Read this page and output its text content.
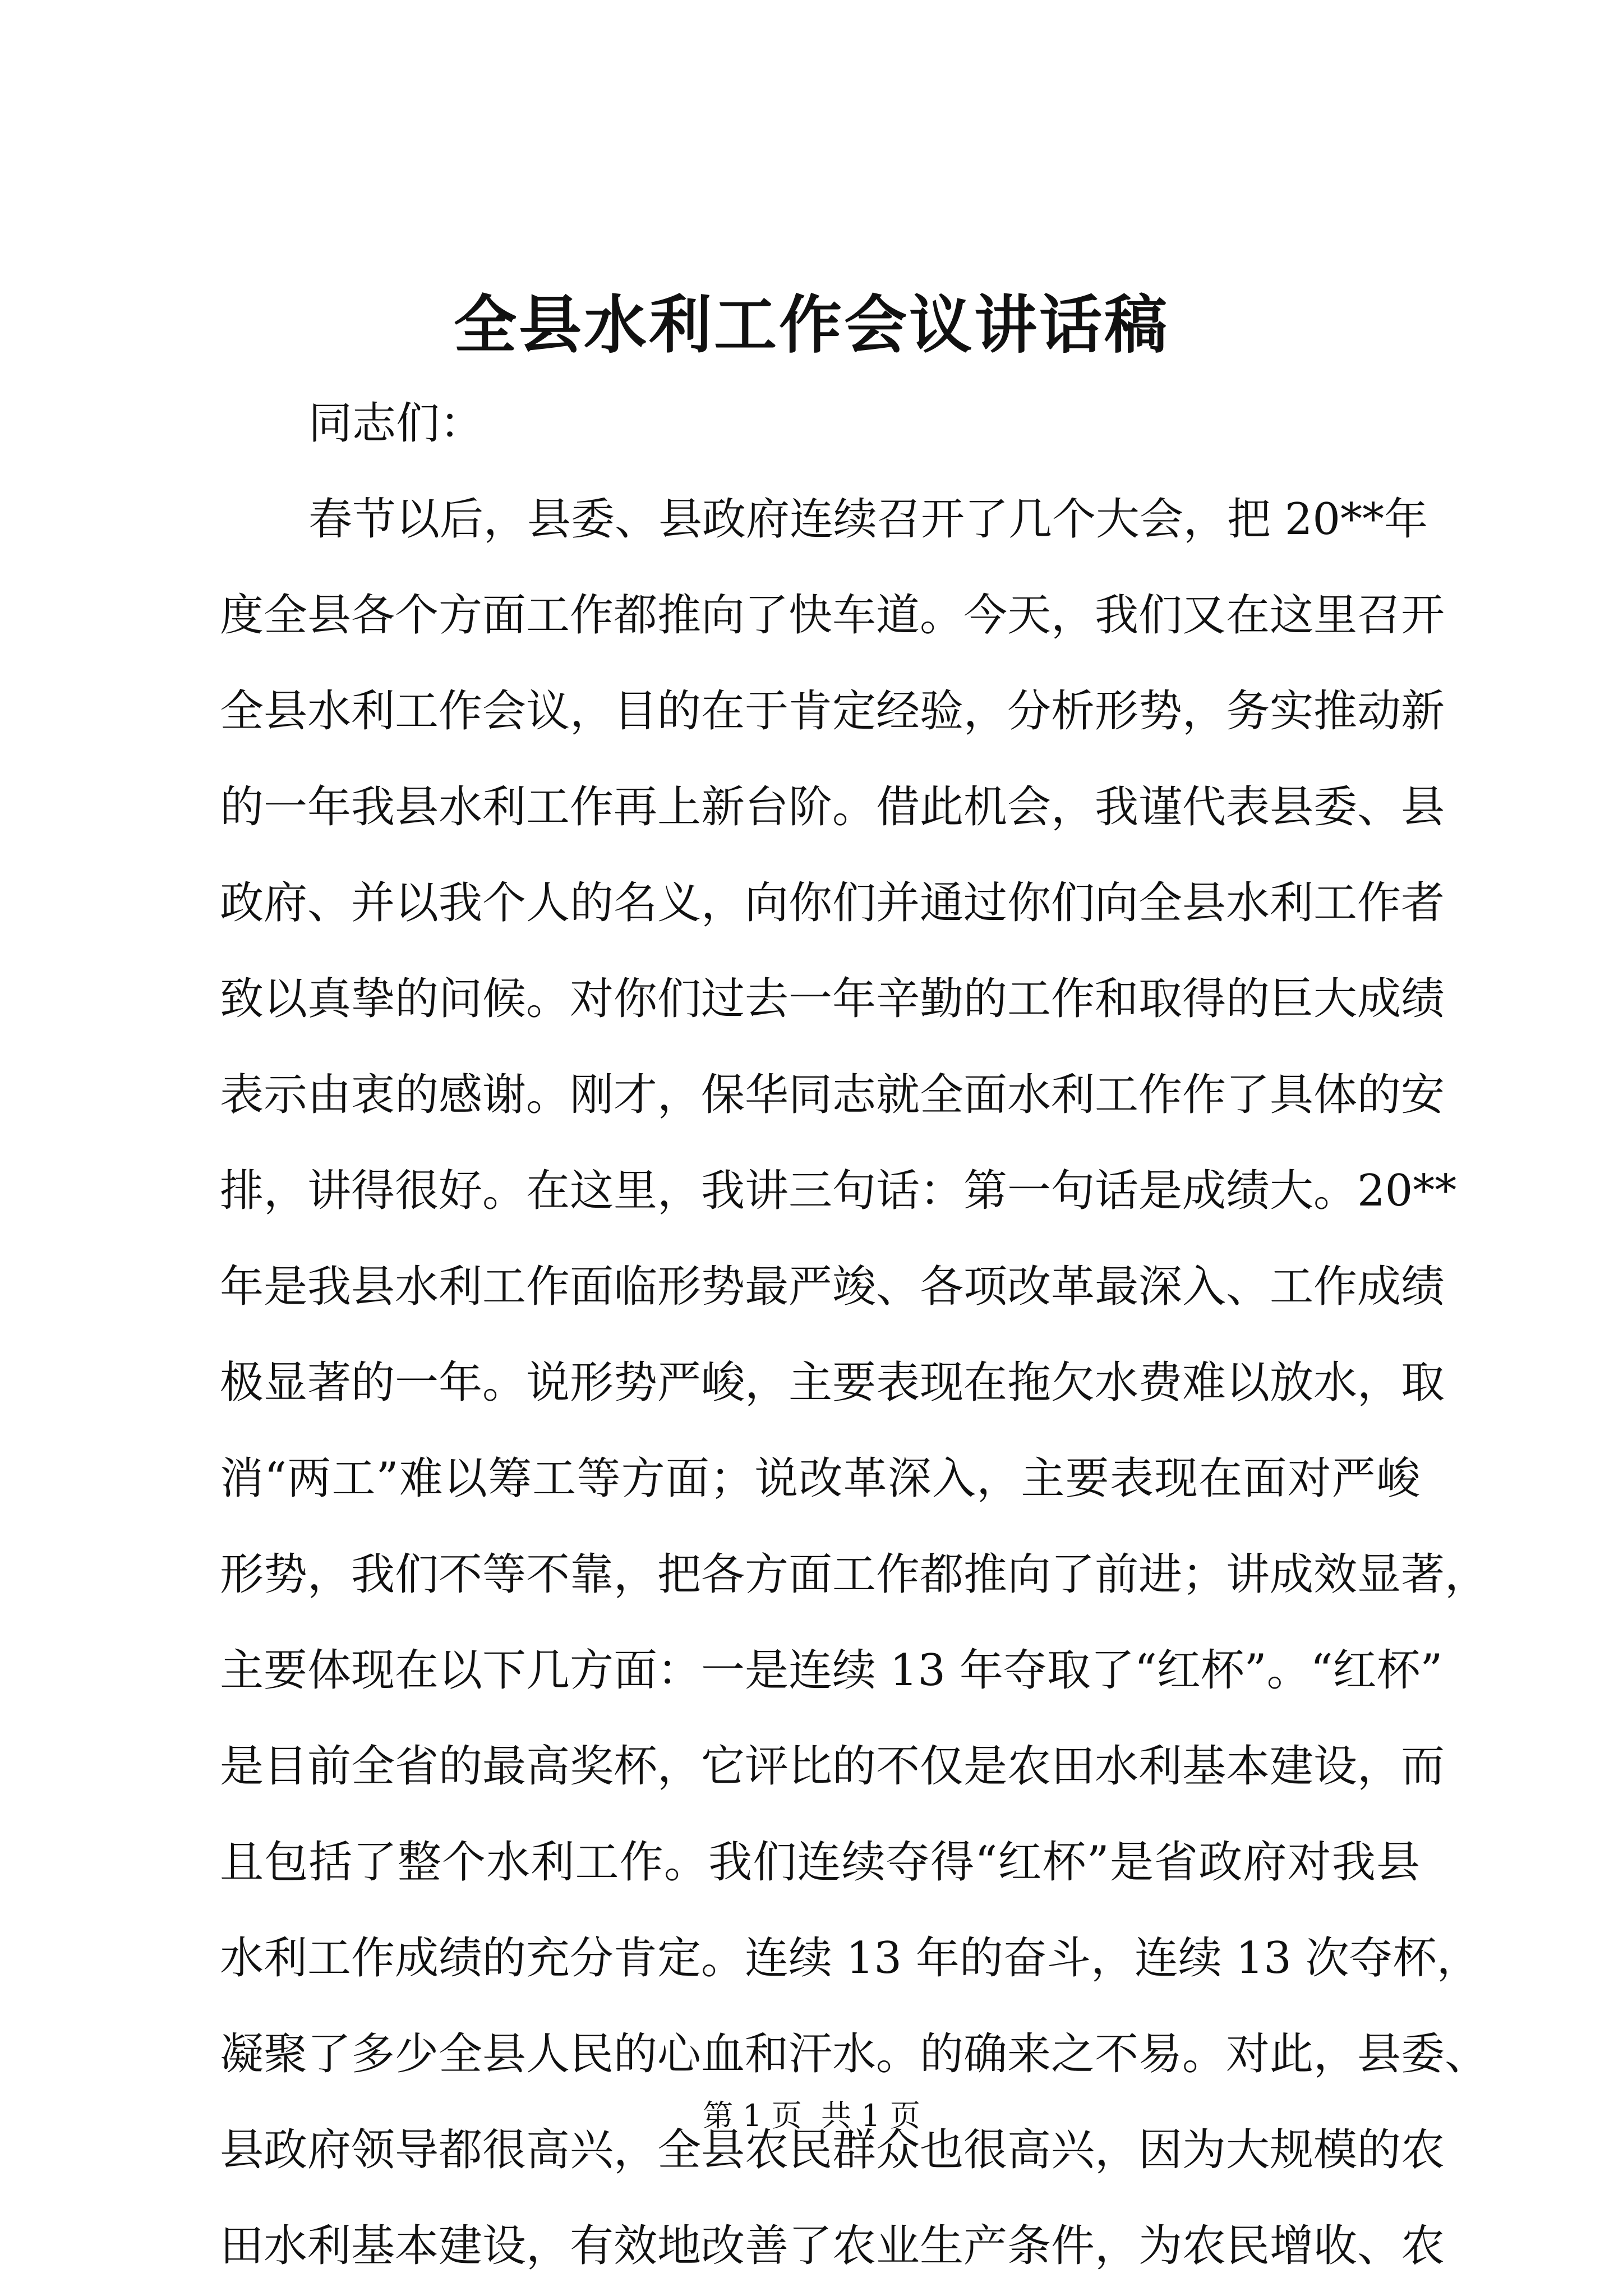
全县水利工作会议讲话稿
同志们：
春节以后，县委、县政府连续召开了几个大会，把 20**年
度全县各个方面工作都推向了快车道。今天，我们又在这里召开
全县水利工作会议，目的在于肯定经验，分析形势，务实推动新
的一年我县水利工作再上新台阶。借此机会，我谨代表县委、县
政府、并以我个人的名义，向你们并通过你们向全县水利工作者
致以真挚的问候。对你们过去一年辛勤的工作和取得的巨大成绩
表示由衷的感谢。刚才，保华同志就全面水利工作作了具体的安
排，讲得很好。在这里，我讲三句话：第一句话是成绩大。20**
年是我县水利工作面临形势最严竣、各项改革最深入、工作成绩
极显著的一年。说形势严峻，主要表现在拖欠水费难以放水，取
消“两工”难以筹工等方面；说改革深入，主要表现在面对严峻
形势，我们不等不靠，把各方面工作都推向了前进；讲成效显著，
主要体现在以下几方面：一是连续 13 年夺取了“红杯”。“红杯”
是目前全省的最高奖杯，它评比的不仅是农田水利基本建设，而
且包括了整个水利工作。我们连续夺得“红杯”是省政府对我县
水利工作成绩的充分肯定。连续 13 年的奋斗，连续 13 次夺杯，
凝聚了多少全县人民的心血和汗水。的确来之不易。对此，县委、
县政府领导都很高兴，全县农民群众也很高兴，因为大规模的农
田水利基本建设，有效地改善了农业生产条件，为农民增收、农
第 1 页  共 1 页
